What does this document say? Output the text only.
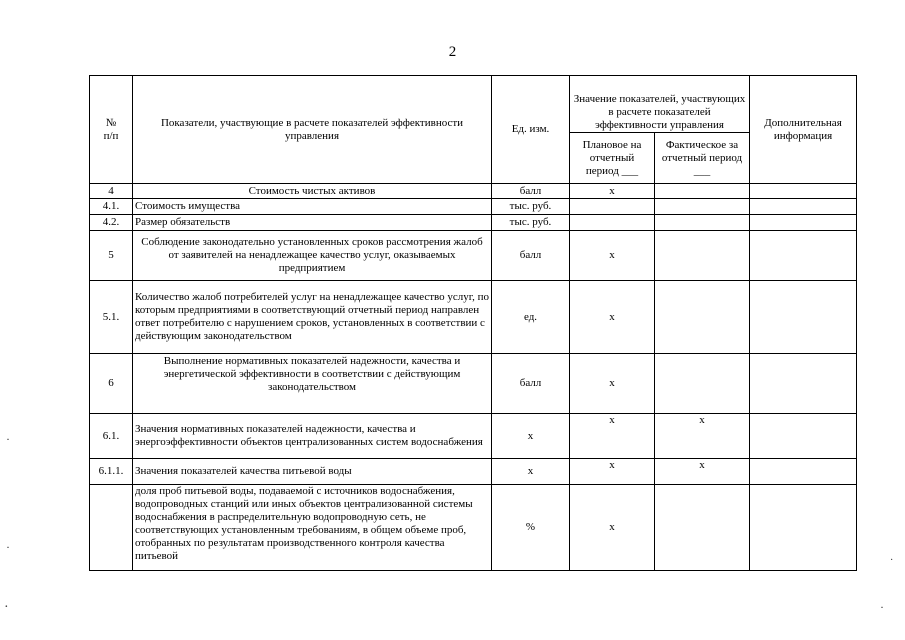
2
№
п/п	Показатели, участвующие в расчете показателей эффективности управления	Ед. изм.	Значение показателей, участвующих в расчете показателей эффективности управления		Дополнительная информация
			Плановое на отчетный период ___	Фактическое за отчетный период ___	
4	Стоимость чистых активов	балл	х		
4.1.	Стоимость имущества	тыс. руб.			
4.2.	Размер обязательств	тыс. руб.			
5	Соблюдение законодательно установленных сроков рассмотрения жалоб от заявителей на ненадлежащее качество услуг, оказываемых предприятием	балл	х		
5.1.	Количество жалоб потребителей услуг на ненадлежащее качество услуг, по которым предприятиями в соответствующий отчетный период направлен ответ потребителю с нарушением сроков, установленных в соответствии с действующим законодательством	ед.	х		
6	Выполнение нормативных показателей надежности, качества и энергетической эффективности в соответствии с действующим законодательством	балл	х		
6.1.	Значения нормативных показателей надежности, качества и энергоэффективности объектов централизованных систем водоснабжения	х	х	х	
6.1.1.	Значения показателей качества питьевой воды	х	х	х	
	доля проб питьевой воды, подаваемой с источников водоснабжения, водопроводных станций или иных объектов централизованной системы водоснабжения в распределительную водопроводную сеть, не соответствующих установленным требованиям, в общем объеме проб, отобранных по результатам производственного контроля качества питьевой	%	х		
·
·
·	·
·
